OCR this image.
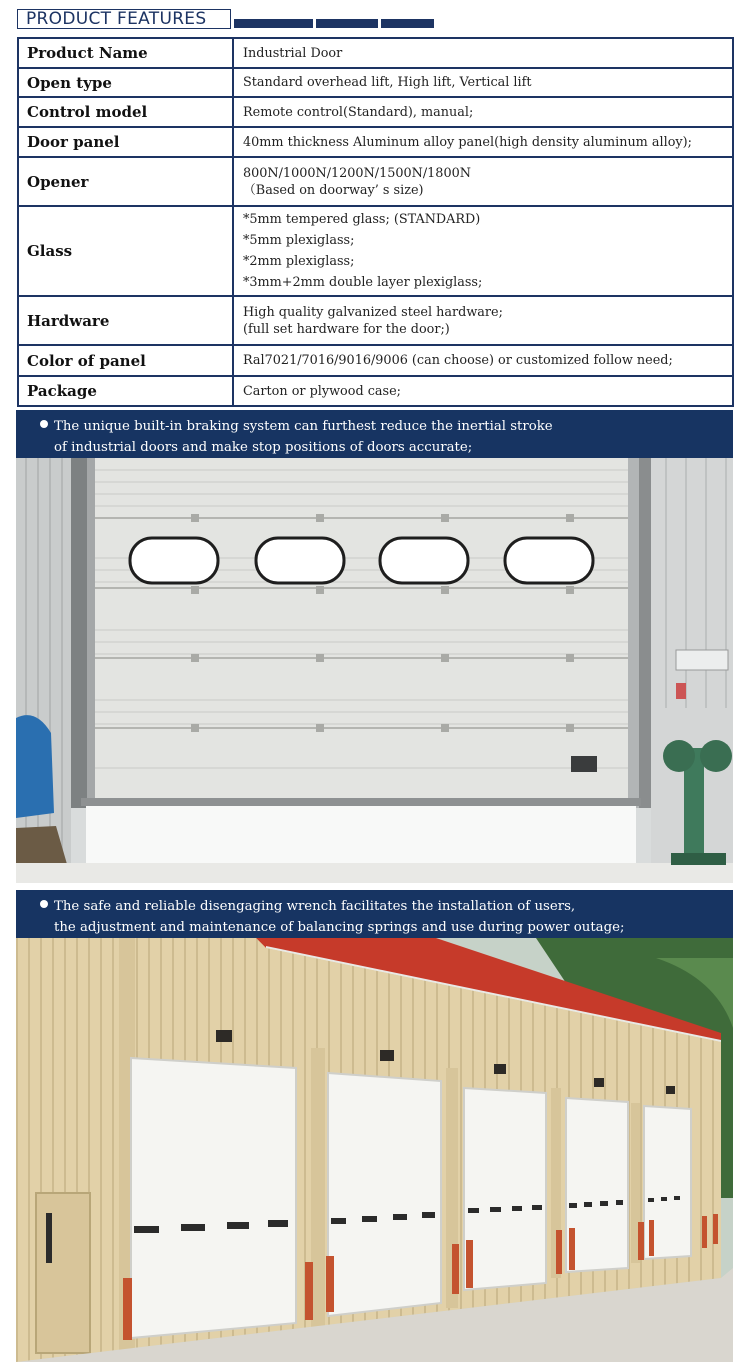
PRODUCT FEATURES
Product Name	Industrial Door

Open type	Standard overhead lift, High lift, Vertical lift

Control model	Remote control(Standard), manual;

Door panel	40mm thickness Aluminum alloy panel(high density aluminum alloy);

Opener	800N/1000N/1200N/1500N/1800N
（Based on doorway’ s size)

Glass	*5mm tempered glass; (STANDARD)
*5mm plexiglass;
*2mm plexiglass;
*3mm+2mm double layer plexiglass;

Hardware	High quality galvanized steel hardware;
(full set hardware for the door;)

Color of panel	Ral7021/7016/9016/9006 (can choose) or customized follow need;

Package	Carton or plywood case;
The unique built-in braking system can furthest reduce the inertial stroke
of industrial doors and make stop positions of doors accurate;
The safe and reliable disengaging wrench facilitates the installation of users,
the adjustment and maintenance of balancing springs and use during power outage;
